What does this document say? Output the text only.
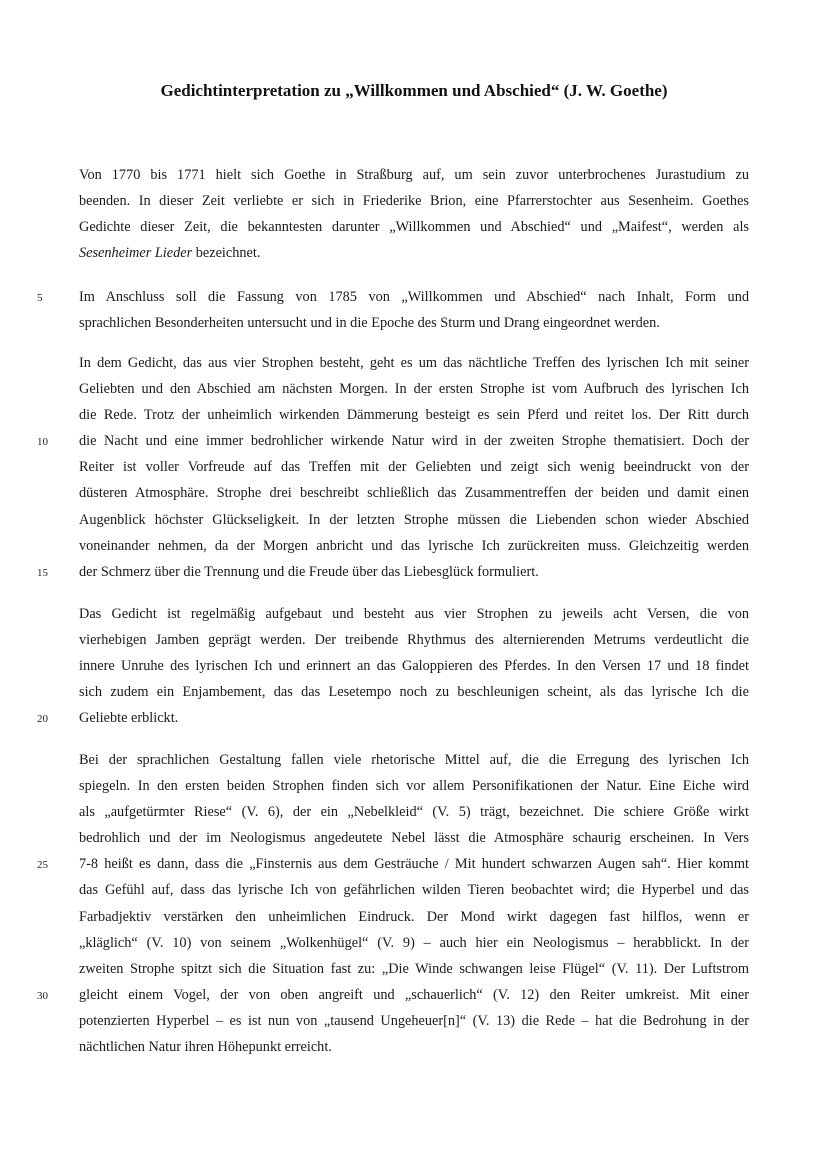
Gedichtinterpretation zu „Willkommen und Abschied“ (J. W. Goethe)
Von 1770 bis 1771 hielt sich Goethe in Straßburg auf, um sein zuvor unterbrochenes Jurastudium zu
beenden. In dieser Zeit verliebte er sich in Friederike Brion, eine Pfarrerstochter aus Sesenheim. Goethes
Gedichte dieser Zeit, die bekanntesten darunter „Willkommen und Abschied“ und „Maifest“, werden als
Sesenheimer Lieder bezeichnet.
5	Im Anschluss soll die Fassung von 1785 von „Willkommen und Abschied“ nach Inhalt, Form und
sprachlichen Besonderheiten untersucht und in die Epoche des Sturm und Drang eingeordnet werden.
In dem Gedicht, das aus vier Strophen besteht, geht es um das nächtliche Treffen des lyrischen Ich mit seiner
Geliebten und den Abschied am nächsten Morgen. In der ersten Strophe ist vom Aufbruch des lyrischen Ich
die Rede. Trotz der unheimlich wirkenden Dämmerung besteigt es sein Pferd und reitet los. Der Ritt durch
10	die Nacht und eine immer bedrohlicher wirkende Natur wird in der zweiten Strophe thematisiert. Doch der
Reiter ist voller Vorfreude auf das Treffen mit der Geliebten und zeigt sich wenig beeindruckt von der
düsteren Atmosphäre. Strophe drei beschreibt schließlich das Zusammentreffen der beiden und damit einen
Augenblick höchster Glückseligkeit. In der letzten Strophe müssen die Liebenden schon wieder Abschied
voneinander nehmen, da der Morgen anbricht und das lyrische Ich zurückreiten muss. Gleichzeitig werden
15	der Schmerz über die Trennung und die Freude über das Liebesglück formuliert.
Das Gedicht ist regelmäßig aufgebaut und besteht aus vier Strophen zu jeweils acht Versen, die von
vierhebigen Jamben geprägt werden. Der treibende Rhythmus des alternierenden Metrums verdeutlicht die
innere Unruhe des lyrischen Ich und erinnert an das Galoppieren des Pferdes. In den Versen 17 und 18 findet
sich zudem ein Enjambement, das das Lesetempo noch zu beschleunigen scheint, als das lyrische Ich die
20	Geliebte erblickt.
Bei der sprachlichen Gestaltung fallen viele rhetorische Mittel auf, die die Erregung des lyrischen Ich
spiegeln. In den ersten beiden Strophen finden sich vor allem Personifikationen der Natur. Eine Eiche wird
als „aufgetürmter Riese“ (V. 6), der ein „Nebelkleid“ (V. 5) trägt, bezeichnet. Die schiere Größe wirkt
bedrohlich und der im Neologismus angedeutete Nebel lässt die Atmosphäre schaurig erscheinen. In Vers
25	7-8 heißt es dann, dass die „Finsternis aus dem Gesträuche / Mit hundert schwarzen Augen sah“. Hier kommt
das Gefühl auf, dass das lyrische Ich von gefährlichen wilden Tieren beobachtet wird; die Hyperbel und das
Farbadjektiv verstärken den unheimlichen Eindruck. Der Mond wirkt dagegen fast hilflos, wenn er
„kläglich“ (V. 10) von seinem „Wolkenhügel“ (V. 9) – auch hier ein Neologismus – herabblickt. In der
zweiten Strophe spitzt sich die Situation fast zu: „Die Winde schwangen leise Flügel“ (V. 11). Der Luftstrom
30	gleicht einem Vogel, der von oben angreift und „schauerlich“ (V. 12) den Reiter umkreist. Mit einer
potenzierten Hyperbel – es ist nun von „tausend Ungeheuer[n]“ (V. 13) die Rede – hat die Bedrohung in der
nächtlichen Natur ihren Höhepunkt erreicht.
